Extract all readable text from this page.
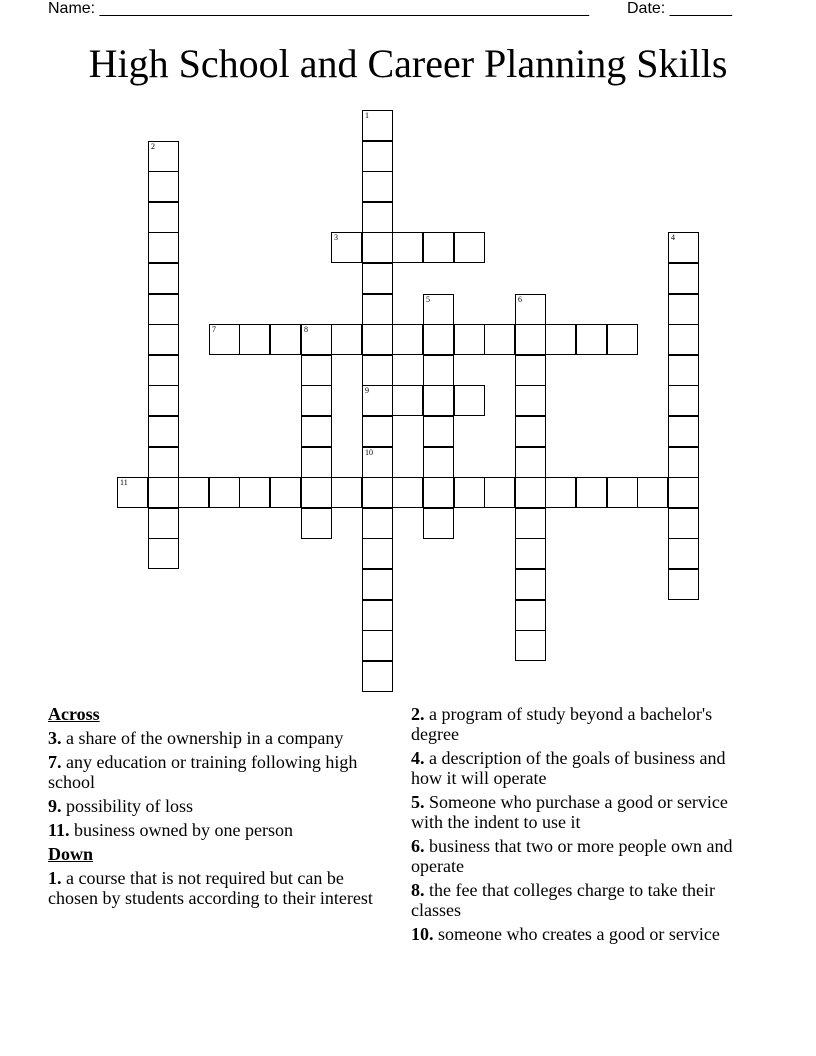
Name: _______________________________________________________ Date: _______
High School and Career Planning Skills
1
9
10
2
3	4
5	6
7	8
11
Across
3. a share of the ownership in a company
7. any education or training following high school
9. possibility of loss
11. business owned by one person
Down
1. a course that is not required but can be chosen by students according to their interest
2. a program of study beyond a bachelor's degree
4. a description of the goals of business and how it will operate
5. Someone who purchase a good or service with the indent to use it
6. business that two or more people own and operate
8. the fee that colleges charge to take their classes
10. someone who creates a good or service
